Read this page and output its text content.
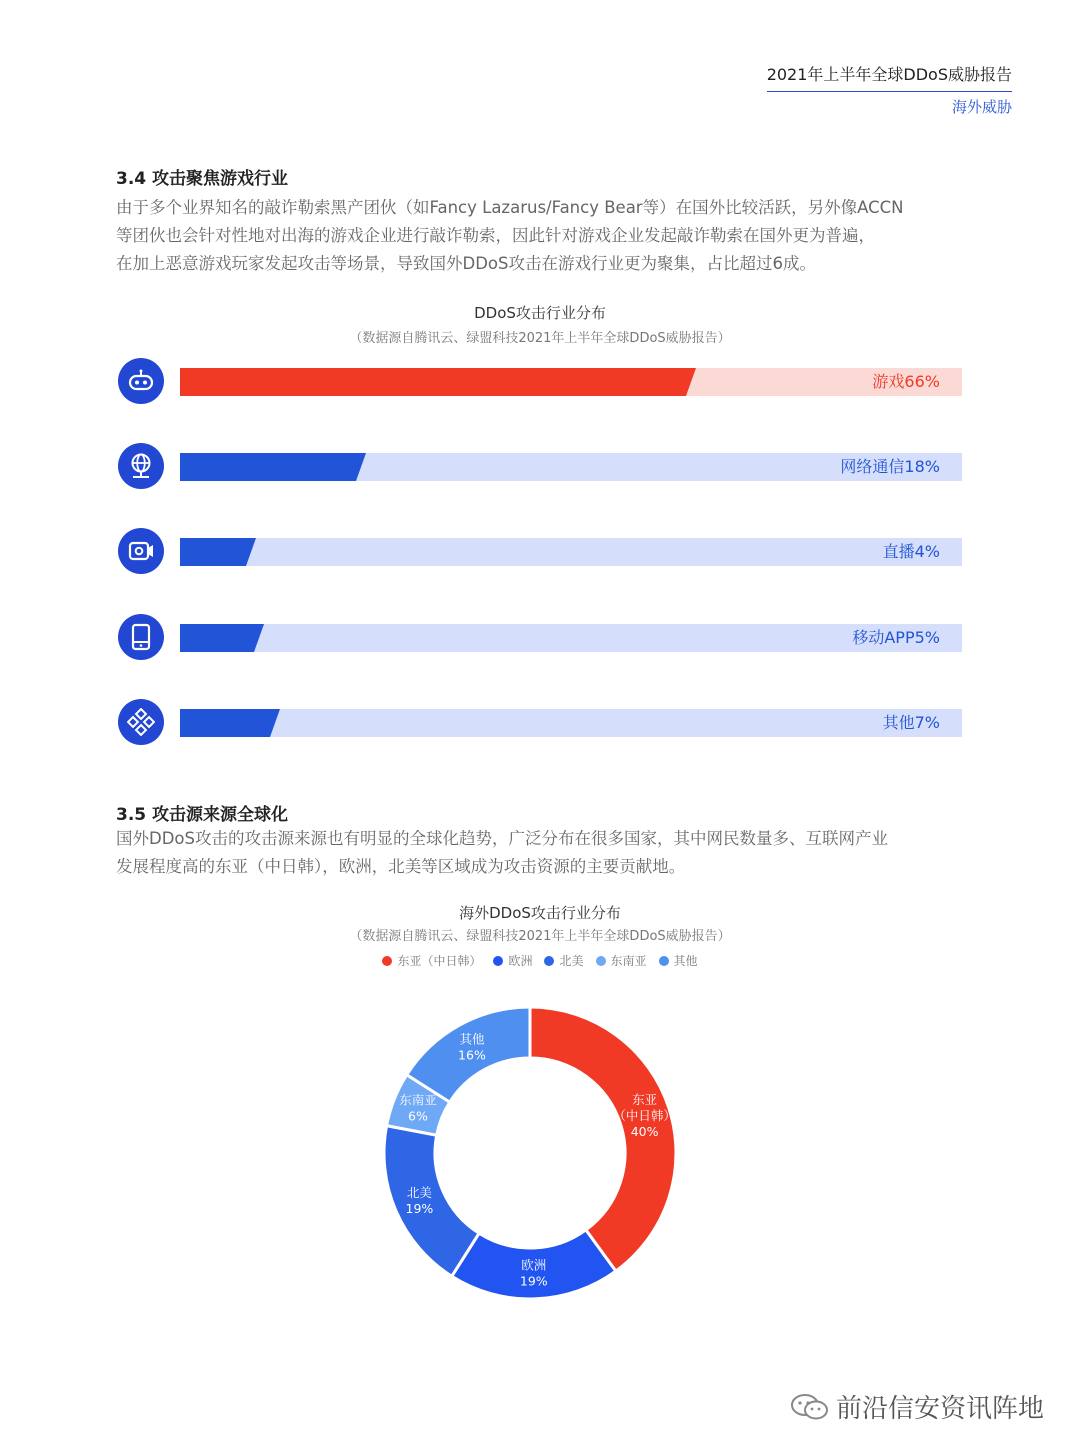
2021年上半年全球DDoS威胁报告
海外威胁
3.4 攻击聚焦游戏行业
由于多个业界知名的敲诈勒索黑产团伙（如Fancy Lazarus/Fancy Bear等）在国外比较活跃，另外像ACCN
等团伙也会针对性地对出海的游戏企业进行敲诈勒索，因此针对游戏企业发起敲诈勒索在国外更为普遍，
在加上恶意游戏玩家发起攻击等场景，导致国外DDoS攻击在游戏行业更为聚集，占比超过6成。
DDoS攻击行业分布
（数据源自腾讯云、绿盟科技2021年上半年全球DDoS威胁报告）
游戏66%
网络通信18%
直播4%
移动APP5%
其他7%
3.5 攻击源来源全球化
国外DDoS攻击的攻击源来源也有明显的全球化趋势，广泛分布在很多国家，其中网民数量多、互联网产业
发展程度高的东亚（中日韩），欧洲，北美等区域成为攻击资源的主要贡献地。
海外DDoS攻击行业分布
（数据源自腾讯云、绿盟科技2021年上半年全球DDoS威胁报告）
东亚（中日韩） 欧洲 北美 东南亚 其他
东亚
（中日韩）
40%
欧洲
19%
北美
19%
东南亚
6%
其他
16%
前沿信安资讯阵地
